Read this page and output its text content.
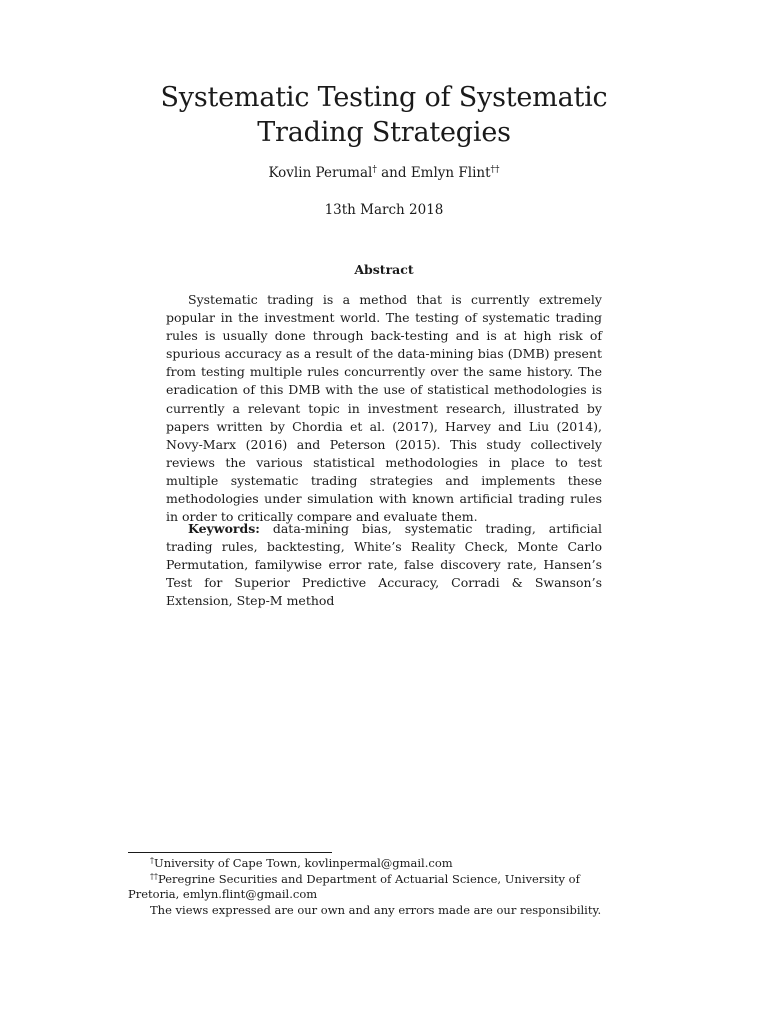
Systematic Testing of Systematic
Trading Strategies
Kovlin Perumal† and Emlyn Flint††
13th March 2018
Abstract

Systematic trading is a method that is currently extremely popular in the investment world. The testing of systematic trading rules is usually done through back-testing and is at high risk of spurious accuracy as a result of the data-mining bias (DMB) present from testing multiple rules concurrently over the same history. The eradication of this DMB with the use of statistical methodologies is currently a relevant topic in investment research, illustrated by papers written by Chordia et al. (2017), Harvey and Liu (2014), Novy-Marx (2016) and Peterson (2015). This study collectively reviews the various statistical methodologies in place to test multiple systematic trading strategies and implements these methodologies under simulation with known artificial trading rules in order to critically compare and evaluate them.

Keywords: data-mining bias, systematic trading, artificial trading rules, backtesting, White’s Reality Check, Monte Carlo Permutation, familywise error rate, false discovery rate, Hansen’s Test for Superior Predictive Accuracy, Corradi & Swanson’s Extension, Step-M method

†University of Cape Town, kovlinpermal@gmail.com

††Peregrine Securities and Department of Actuarial Science, University of Pretoria, emlyn.flint@gmail.com

The views expressed are our own and any errors made are our responsibility.
